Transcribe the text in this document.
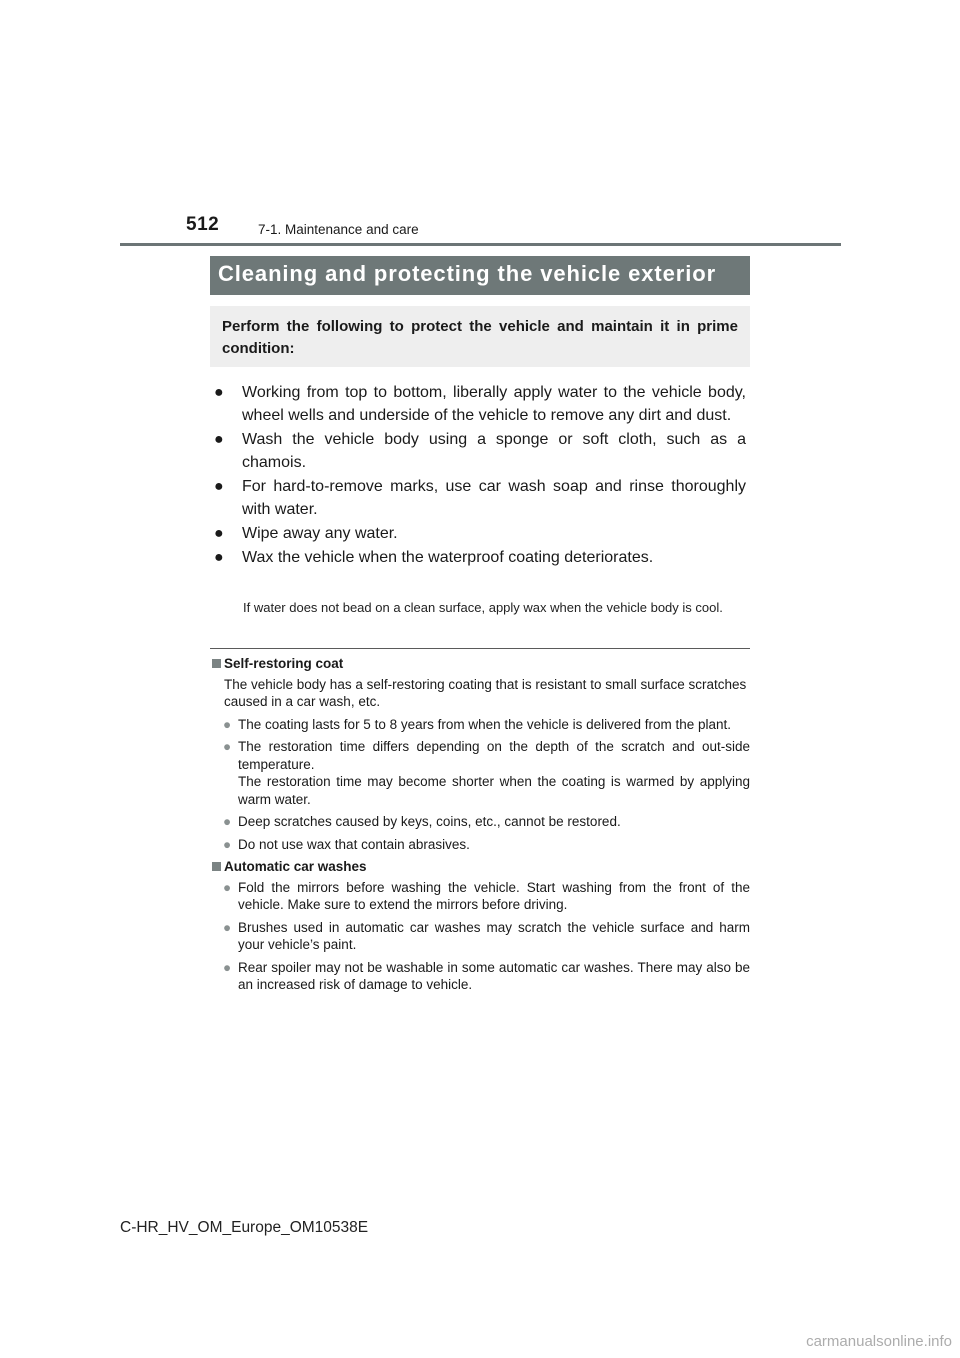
512	7-1. Maintenance and care
Cleaning and protecting the vehicle exterior
Perform the following to protect the vehicle and maintain it in prime condition:
● Working from top to bottom, liberally apply water to the vehicle body, wheel wells and underside of the vehicle to remove any dirt and dust.
● Wash the vehicle body using a sponge or soft cloth, such as a chamois.
● For hard-to-remove marks, use car wash soap and rinse thoroughly with water.
● Wipe away any water.
● Wax the vehicle when the waterproof coating deteriorates.
If water does not bead on a clean surface, apply wax when the vehicle body is cool.
Self-restoring coat
The vehicle body has a self-restoring coating that is resistant to small surface scratches caused in a car wash, etc.
● The coating lasts for 5 to 8 years from when the vehicle is delivered from the plant.
● The restoration time differs depending on the depth of the scratch and out-side temperature.
The restoration time may become shorter when the coating is warmed by applying warm water.
● Deep scratches caused by keys, coins, etc., cannot be restored.
● Do not use wax that contain abrasives.
Automatic car washes
● Fold the mirrors before washing the vehicle. Start washing from the front of the vehicle. Make sure to extend the mirrors before driving.
● Brushes used in automatic car washes may scratch the vehicle surface and harm your vehicle’s paint.
● Rear spoiler may not be washable in some automatic car washes. There may also be an increased risk of damage to vehicle.
C-HR_HV_OM_Europe_OM10538E
carmanualsonline.info
